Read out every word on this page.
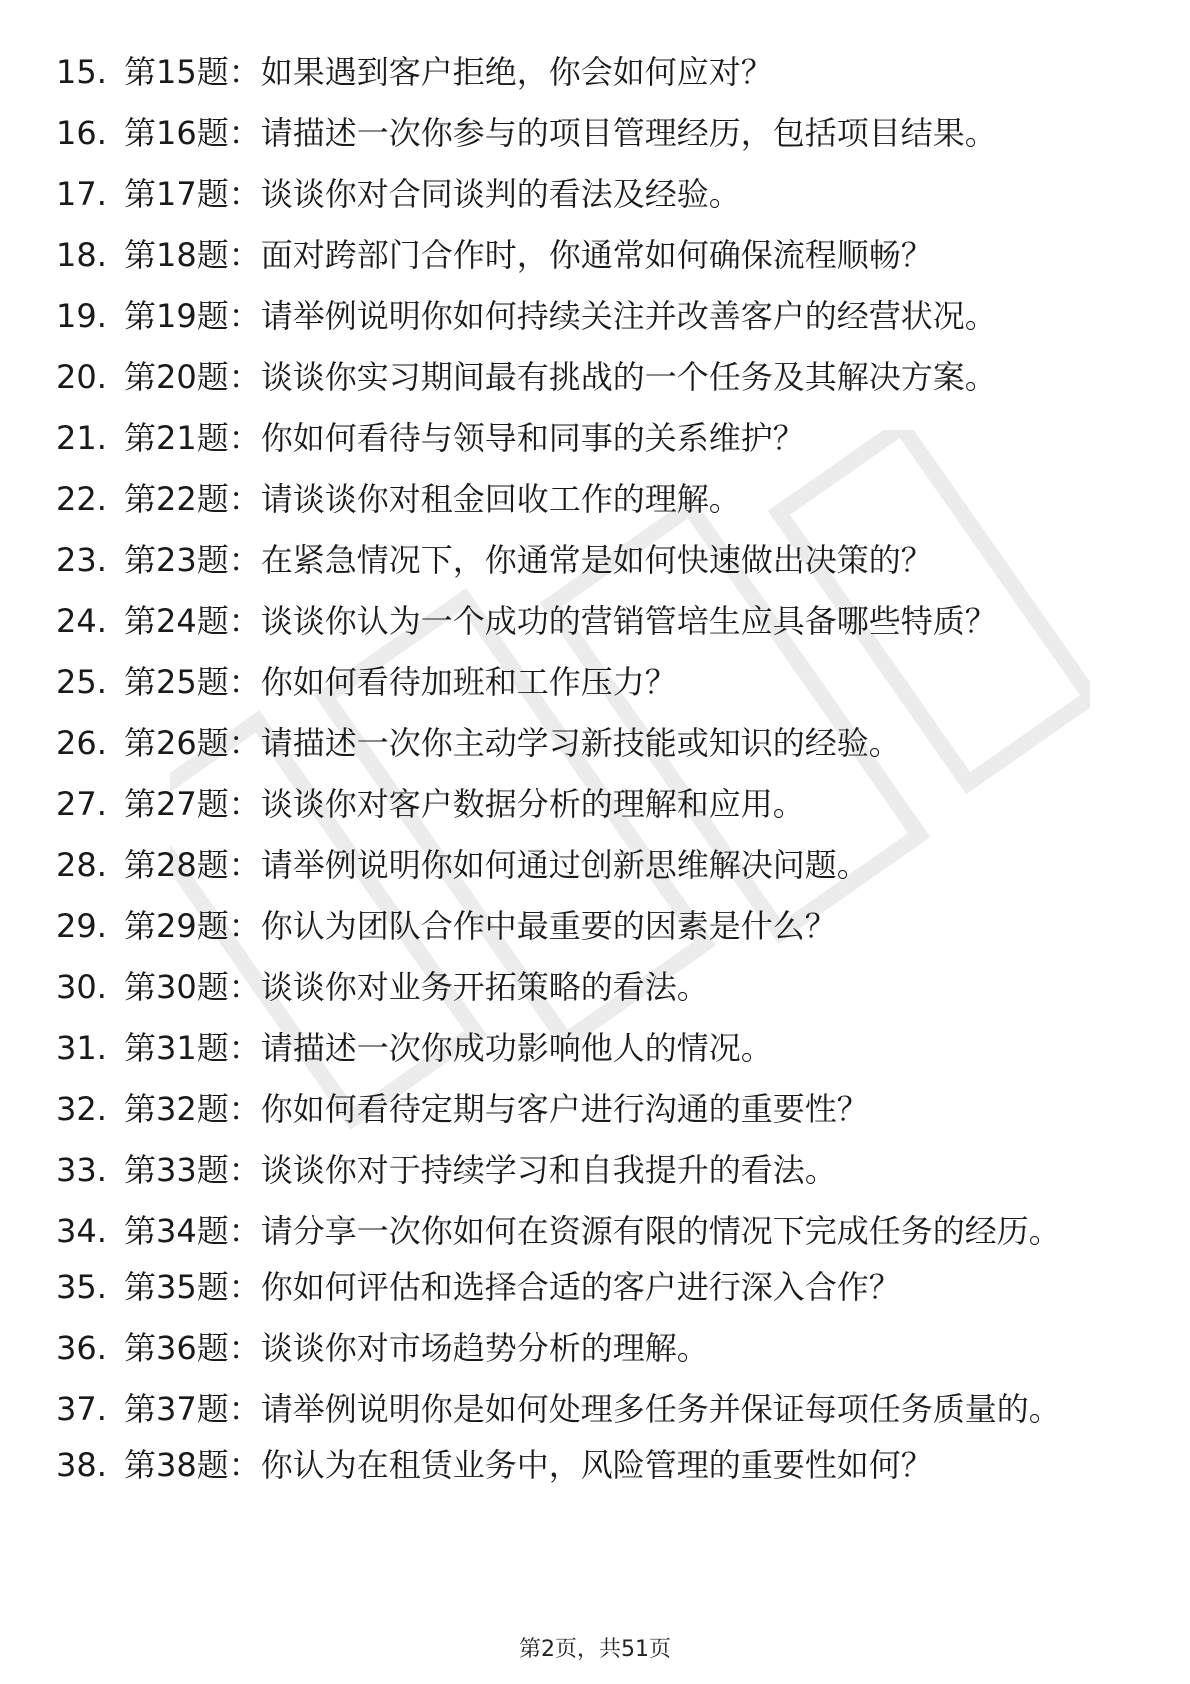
15. 第15题：如果遇到客户拒绝，你会如何应对？
16. 第16题：请描述一次你参与的项目管理经历，包括项目结果。
17. 第17题：谈谈你对合同谈判的看法及经验。
18. 第18题：面对跨部门合作时，你通常如何确保流程顺畅？
19. 第19题：请举例说明你如何持续关注并改善客户的经营状况。
20. 第20题：谈谈你实习期间最有挑战的一个任务及其解决方案。
21. 第21题：你如何看待与领导和同事的关系维护？
22. 第22题：请谈谈你对租金回收工作的理解。
23. 第23题：在紧急情况下，你通常是如何快速做出决策的？
24. 第24题：谈谈你认为一个成功的营销管培生应具备哪些特质？
25. 第25题：你如何看待加班和工作压力？
26. 第26题：请描述一次你主动学习新技能或知识的经验。
27. 第27题：谈谈你对客户数据分析的理解和应用。
28. 第28题：请举例说明你如何通过创新思维解决问题。
29. 第29题：你认为团队合作中最重要的因素是什么？
30. 第30题：谈谈你对业务开拓策略的看法。
31. 第31题：请描述一次你成功影响他人的情况。
32. 第32题：你如何看待定期与客户进行沟通的重要性？
33. 第33题：谈谈你对于持续学习和自我提升的看法。
34. 第34题：请分享一次你如何在资源有限的情况下完成任务的经历。
35. 第35题：你如何评估和选择合适的客户进行深入合作？
36. 第36题：谈谈你对市场趋势分析的理解。
37. 第37题：请举例说明你是如何处理多任务并保证每项任务质量的。
38. 第38题：你认为在租赁业务中，风险管理的重要性如何？
第2页，共51页
